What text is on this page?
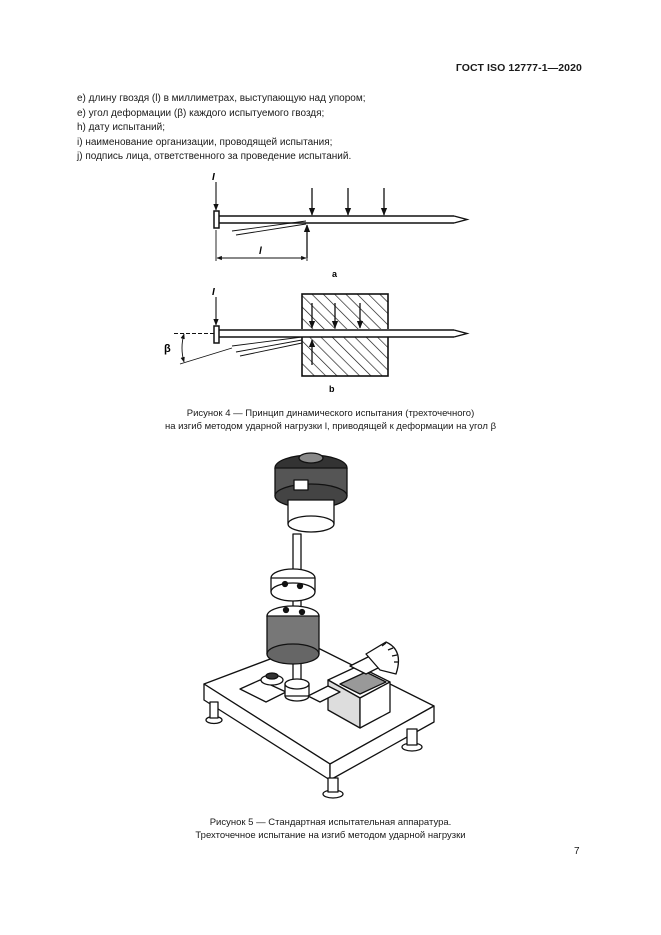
ГОСТ ISO 12777-1—2020
e) длину гвоздя (l) в миллиметрах, выступающую над упором;
e) угол деформации (β) каждого испытуемого гвоздя;
h) дату испытаний;
i) наименование организации, проводящей испытания;
j) подпись лица, ответственного за проведение испытаний.
I
l
a
I
β
b
Рисунок 4 — Принцип динамического испытания (трехточечного)
на изгиб методом ударной нагрузки l, приводящей к деформации на угол β
Рисунок 5 — Стандартная испытательная аппаратура.
Трехточечное испытание на изгиб методом ударной нагрузки
7
